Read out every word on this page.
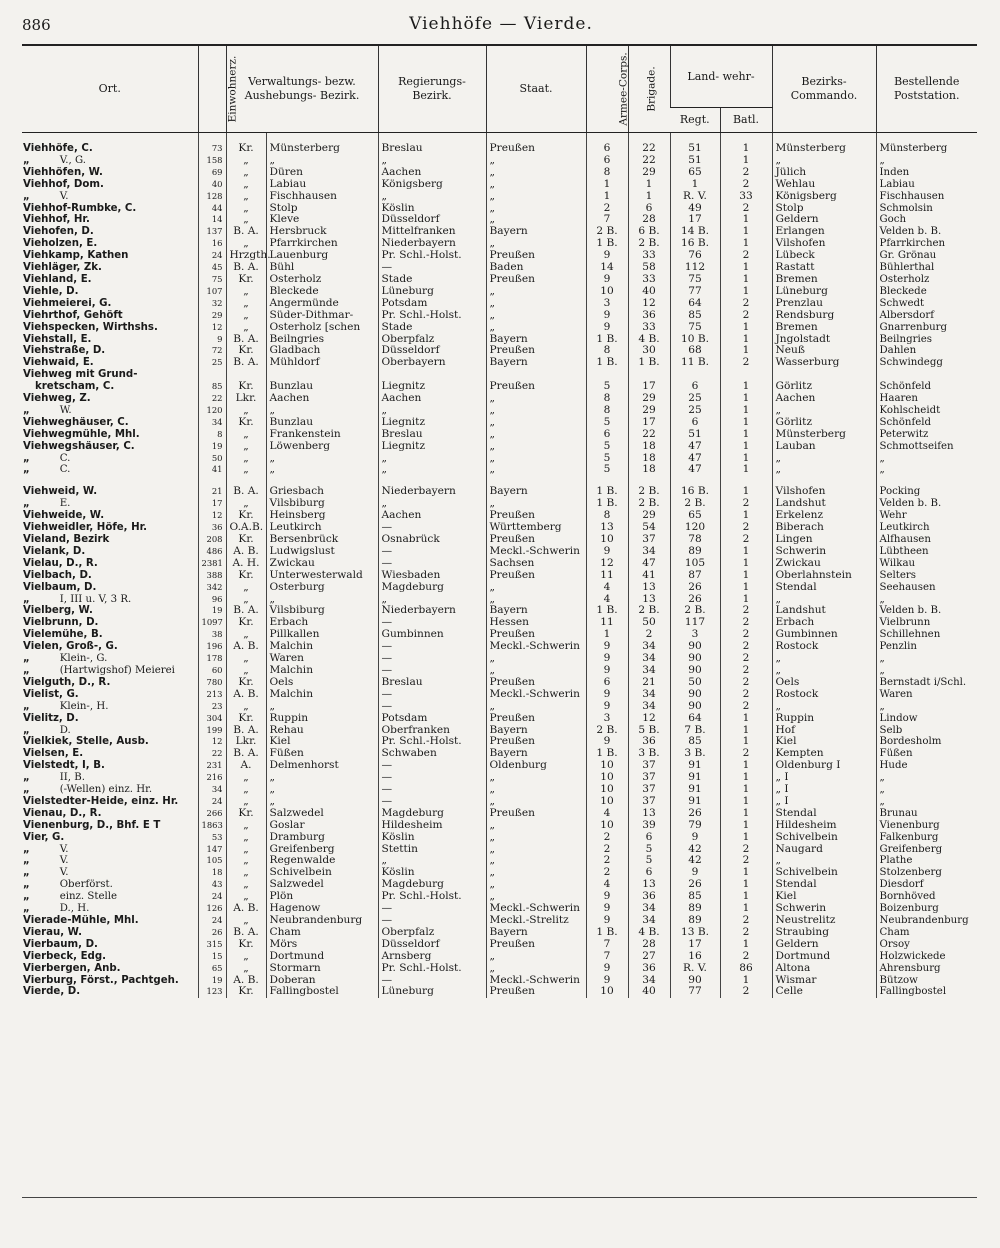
886	Viehhöfe — Vierde.
Ort.	Einwohnerz.	Verwaltungs- bezw. Aushebungs- Bezirk.		Regierungs- Bezirk.	Staat.	Armee-Corps.	Brigade.	Land- wehr-		Bezirks- Commando.	Bestellende Poststation.
								Regt.	Batl.		

Viehhöfe, C.	73	Kr.	Münsterberg	Breslau	Preußen	6	22	51	1	Münsterberg	Münsterberg
„ V., G.	158	„	„	„	„	6	22	51	1	„	„
Viehhöfen, W.	69	„	Düren	Aachen	„	8	29	65	2	Jülich	Inden
Viehhof, Dom.	40	„	Labiau	Königsberg	„	1	1	1	2	Wehlau	Labiau
„ V.	128	„	Fischhausen	„	„	1	1	R. V.	33	Königsberg	Fischhausen
Viehhof-Rumbke, C.	44	„	Stolp	Köslin	„	2	6	49	2	Stolp	Schmolsin
Viehhof, Hr.	14	„	Kleve	Düsseldorf	„	7	28	17	1	Geldern	Goch
Viehofen, D.	137	B. A.	Hersbruck	Mittelfranken	Bayern	2 B.	6 B.	14 B.	1	Erlangen	Velden b. B.
Vieholzen, E.	16	„	Pfarrkirchen	Niederbayern	„	1 B.	2 B.	16 B.	1	Vilshofen	Pfarrkirchen
Viehkamp, Kathen	24	Hrzgth.	Lauenburg	Pr. Schl.-Holst.	Preußen	9	33	76	2	Lübeck	Gr. Grönau
Viehläger, Zk.	45	B. A.	Bühl	—	Baden	14	58	112	1	Rastatt	Bühlerthal
Viehland, E.	75	Kr.	Osterholz	Stade	Preußen	9	33	75	1	Bremen	Osterholz
Viehle, D.	107	„	Bleckede	Lüneburg	„	10	40	77	1	Lüneburg	Bleckede
Viehmeierei, G.	32	„	Angermünde	Potsdam	„	3	12	64	2	Prenzlau	Schwedt
Viehrthof, Gehöft	29	„	Süder-Dithmar-	Pr. Schl.-Holst.	„	9	36	85	2	Rendsburg	Albersdorf
Viehspecken, Wirthshs.	12	„	Osterholz [schen	Stade	„	9	33	75	1	Bremen	Gnarrenburg
Viehstall, E.	9	B. A.	Beilngries	Oberpfalz	Bayern	1 B.	4 B.	10 B.	1	Jngolstadt	Beilngries
Viehstraße, D.	72	Kr.	Gladbach	Düsseldorf	Preußen	8	30	68	1	Neuß	Dahlen
Viehwaid, E.	25	B. A.	Mühldorf	Oberbayern	Bayern	1 B.	1 B.	11 B.	2	Wasserburg	Schwindegg
Viehweg mit Grund-											
kretscham, C.	85	Kr.	Bunzlau	Liegnitz	Preußen	5	17	6	1	Görlitz	Schönfeld
Viehweg, Z.	22	Lkr.	Aachen	Aachen	„	8	29	25	1	Aachen	Haaren
„ W.	120	„	„	„	„	8	29	25	1	„	Kohlscheidt
Viehweghäuser, C.	34	Kr.	Bunzlau	Liegnitz	„	5	17	6	1	Görlitz	Schönfeld
Viehwegmühle, Mhl.	8	„	Frankenstein	Breslau	„	6	22	51	1	Münsterberg	Peterwitz
Viehwegshäuser, C.	19	„	Löwenberg	Liegnitz	„	5	18	47	1	Lauban	Schmottseifen
„ C.	50	„	„	„	„	5	18	47	1	„	„
„ C.	41	„	„	„	„	5	18	47	1	„	„

Viehweid, W.	21	B. A.	Griesbach	Niederbayern	Bayern	1 B.	2 B.	16 B.	1	Vilshofen	Pocking
„ E.	17	„	Vilsbiburg	„	„	1 B.	2 B.	2 B.	2	Landshut	Velden b. B.
Viehweide, W.	12	Kr.	Heinsberg	Aachen	Preußen	8	29	65	1	Erkelenz	Wehr
Viehweidler, Höfe, Hr.	36	O.A.B.	Leutkirch	—	Württemberg	13	54	120	2	Biberach	Leutkirch
Vieland, Bezirk	208	Kr.	Bersenbrück	Osnabrück	Preußen	10	37	78	2	Lingen	Alfhausen
Vielank, D.	486	A. B.	Ludwigslust	—	Meckl.-Schwerin	9	34	89	1	Schwerin	Lübtheen
Vielau, D., R.	2381	A. H.	Zwickau	—	Sachsen	12	47	105	1	Zwickau	Wilkau
Vielbach, D.	388	Kr.	Unterwesterwald	Wiesbaden	Preußen	11	41	87	1	Oberlahnstein	Selters
Vielbaum, D.	342	„	Osterburg	Magdeburg	„	4	13	26	1	Stendal	Seehausen
„ I, III u. V, 3 R.	96	„	„	„	„	4	13	26	1	„	„
Vielberg, W.	19	B. A.	Vilsbiburg	Niederbayern	Bayern	1 B.	2 B.	2 B.	2	Landshut	Velden b. B.
Vielbrunn, D.	1097	Kr.	Erbach	—	Hessen	11	50	117	2	Erbach	Vielbrunn
Vielemühe, B.	38	„	Pillkallen	Gumbinnen	Preußen	1	2	3	2	Gumbinnen	Schillehnen
Vielen, Groß-, G.	196	A. B.	Malchin	—	Meckl.-Schwerin	9	34	90	2	Rostock	Penzlin
„ Klein-, G.	178	„	Waren	—	„	9	34	90	2	„	„
„ (Hartwigshof) Meierei	60	„	Malchin	—	„	9	34	90	2	„	„
Vielguth, D., R.	780	Kr.	Oels	Breslau	Preußen	6	21	50	2	Oels	Bernstadt i/Schl.
Vielist, G.	213	A. B.	Malchin	—	Meckl.-Schwerin	9	34	90	2	Rostock	Waren
„ Klein-, H.	23	„	„	—	„	9	34	90	2	„	„
Vielitz, D.	304	Kr.	Ruppin	Potsdam	Preußen	3	12	64	1	Ruppin	Lindow
„ D.	199	B. A.	Rehau	Oberfranken	Bayern	2 B.	5 B.	7 B.	1	Hof	Selb
Vielkiek, Stelle, Ausb.	12	Lkr.	Kiel	Pr. Schl.-Holst.	Preußen	9	36	85	1	Kiel	Bordesholm
Vielsen, E.	22	B. A.	Füßen	Schwaben	Bayern	1 B.	3 B.	3 B.	2	Kempten	Füßen
Vielstedt, I, B.	231	A.	Delmenhorst	—	Oldenburg	10	37	91	1	Oldenburg I	Hude
„ II, B.	216	„	„	—	„	10	37	91	1	„ I	„
„ (-Wellen) einz. Hr.	34	„	„	—	„	10	37	91	1	„ I	„
Vielstedter-Heide, einz. Hr.	24	„	„	—	„	10	37	91	1	„ I	„
Vienau, D., R.	266	Kr.	Salzwedel	Magdeburg	Preußen	4	13	26	1	Stendal	Brunau
Vienenburg, D., Bhf. E T	1863	„	Goslar	Hildesheim	„	10	39	79	1	Hildesheim	Vienenburg
Vier, G.	53	„	Dramburg	Köslin	„	2	6	9	1	Schivelbein	Falkenburg
„ V.	147	„	Greifenberg	Stettin	„	2	5	42	2	Naugard	Greifenberg
„ V.	105	„	Regenwalde	„	„	2	5	42	2	„	Plathe
„ V.	18	„	Schivelbein	Köslin	„	2	6	9	1	Schivelbein	Stolzenberg
„ Oberförst.	43	„	Salzwedel	Magdeburg	„	4	13	26	1	Stendal	Diesdorf
„ einz. Stelle	24	„	Plön	Pr. Schl.-Holst.	„	9	36	85	1	Kiel	Bornhöved
„ D., H.	126	A. B.	Hagenow	—	Meckl.-Schwerin	9	34	89	1	Schwerin	Boizenburg
Vierade-Mühle, Mhl.	24	„	Neubrandenburg	—	Meckl.-Strelitz	9	34	89	2	Neustrelitz	Neubrandenburg
Vierau, W.	26	B. A.	Cham	Oberpfalz	Bayern	1 B.	4 B.	13 B.	2	Straubing	Cham
Vierbaum, D.	315	Kr.	Mörs	Düsseldorf	Preußen	7	28	17	1	Geldern	Orsoy
Vierbeck, Edg.	15	„	Dortmund	Arnsberg	„	7	27	16	2	Dortmund	Holzwickede
Vierbergen, Anb.	65	„	Stormarn	Pr. Schl.-Holst.	„	9	36	R. V.	86	Altona	Ahrensburg
Vierburg, Först., Pachtgeh.	19	A. B.	Doberan	—	Meckl.-Schwerin	9	34	90	1	Wismar	Bützow
Vierde, D.	123	Kr.	Fallingbostel	Lüneburg	Preußen	10	40	77	2	Celle	Fallingbostel
